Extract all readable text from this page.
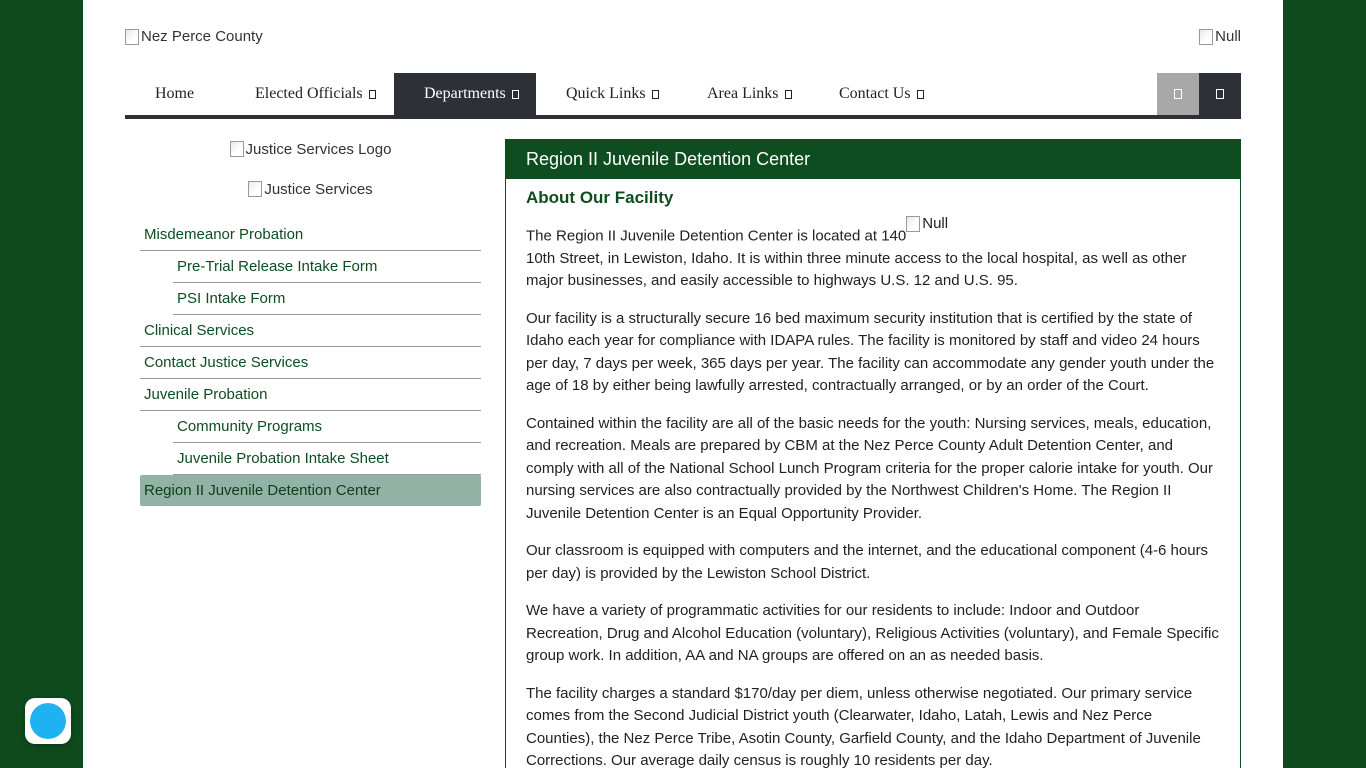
Nez Perce County	Null
Home	Elected Officials	Departments	Quick Links	Area Links	Contact Us
Justice Services Logo
Justice Services
Misdemeanor Probation
Pre-Trial Release Intake Form
PSI Intake Form
Clinical Services
Contact Justice Services
Juvenile Probation
Community Programs
Juvenile Probation Intake Sheet
Region II Juvenile Detention Center
Region II Juvenile Detention Center
About Our Facility

The Region II Juvenile Detention Center is located at 140
Null

10th Street, in Lewiston, Idaho. It is within three minute access to the local hospital, as well as other major businesses, and easily accessible to highways U.S. 12 and U.S. 95.

Our facility is a structurally secure 16 bed maximum security institution that is certified by the state of Idaho each year for compliance with IDAPA rules. The facility is monitored by staff and video 24 hours per day, 7 days per week, 365 days per year. The facility can accommodate any gender youth under the age of 18 by either being lawfully arrested, contractually arranged, or by an order of the Court.

Contained within the facility are all of the basic needs for the youth: Nursing services, meals, education, and recreation. Meals are prepared by CBM at the Nez Perce County Adult Detention Center, and comply with all of the National School Lunch Program criteria for the proper calorie intake for youth. Our nursing services are also contractually provided by the Northwest Children's Home. The Region II Juvenile Detention Center is an Equal Opportunity Provider.

Our classroom is equipped with computers and the internet, and the educational component (4-6 hours per day) is provided by the Lewiston School District.

We have a variety of programmatic activities for our residents to include: Indoor and Outdoor Recreation, Drug and Alcohol Education (voluntary), Religious Activities (voluntary), and Female Specific group work. In addition, AA and NA groups are offered on an as needed basis.

The facility charges a standard $170/day per diem, unless otherwise negotiated. Our primary service comes from the Second Judicial District youth (Clearwater, Idaho, Latah, Lewis and Nez Perce Counties), the Nez Perce Tribe, Asotin County, Garfield County, and the Idaho Department of Juvenile Corrections. Our average daily census is roughly 10 residents per day.
